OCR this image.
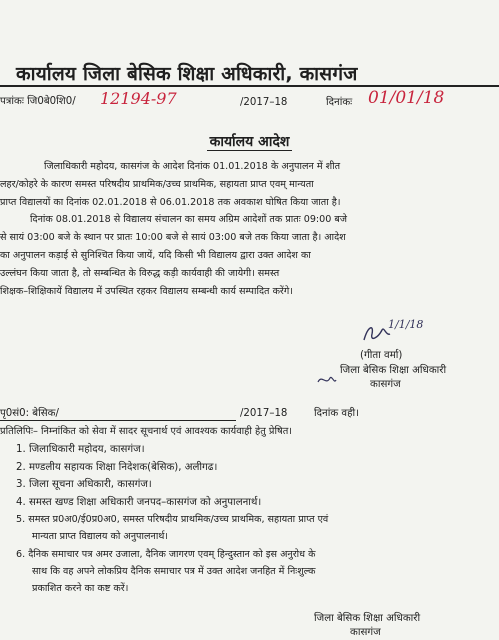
कार्यालय जिला बेसिक शिक्षा अधिकारी, कासगंज
पत्रांकः जि0बे0शि0/ 12194-97	/2017–18	दिनांकः 01/01/18
कार्यालय आदेश
जिलाधिकारी महोदय, कासगंज के आदेश दिनांक 01.01.2018 के अनुपालन में शीत
लहर/कोहरे के कारण समस्त परिषदीय प्राथमिक/उच्च प्राथमिक, सहायता प्राप्त एवम् मान्यता
प्राप्त विद्यालयों का दिनांक 02.01.2018 से 06.01.2018 तक अवकाश घोषित किया जाता है।
दिनांक 08.01.2018 से विद्यालय संचालन का समय अग्रिम आदेशों तक प्रातः 09:00 बजे
से सायं 03:00 बजे के स्थान पर प्रातः 10:00 बजे से सायं 03:00 बजे तक किया जाता है। आदेश
का अनुपालन कड़ाई से सुनिश्चित किया जायें, यदि किसी भी विद्यालय द्वारा उक्त आदेश का
उल्लंघन किया जाता है, तो सम्बन्धित के विरुद्ध कड़ी कार्यवाही की जायेगी। समस्त
शिक्षक–शिक्षिकायें विद्यालय में उपस्थित रहकर विद्यालय सम्बन्धी कार्य सम्पादित करेंगे।
1/1/18
(गीता वर्मा)
जिला बेसिक शिक्षा अधिकारी
कासगंज
पृ0सं0: बेसिक/	/2017–18	दिनांक वही।
प्रतिलिपिः– निम्नांकित को सेवा में सादर सूचनार्थ एवं आवश्यक कार्यवाही हेतु प्रेषित।
1. जिलाधिकारी महोदय, कासगंज।
2. मण्डलीय सहायक शिक्षा निदेशक(बेसिक), अलीगढ।
3. जिला सूचना अधिकारी, कासगंज।
4. समस्त खण्ड शिक्षा अधिकारी जनपद–कासगंज को अनुपालनार्थ।
5. समस्त प्र0अ0/ई0प्र0अ0, समस्त परिषदीय प्राथमिक/उच्च प्राथमिक, सहायता प्राप्त एवं
मान्यता प्राप्त विद्यालय को अनुपालनार्थ।
6. दैनिक समाचार पत्र अमर उजाला, दैनिक जागरण एवम् हिन्दुस्तान को इस अनुरोध के
साथ कि वह अपने लोकप्रिय दैनिक समाचार पत्र में उक्त आदेश जनहित में निःशुल्क
प्रकाशित करने का कष्ट करें।
जिला बेसिक शिक्षा अधिकारी
कासगंज
